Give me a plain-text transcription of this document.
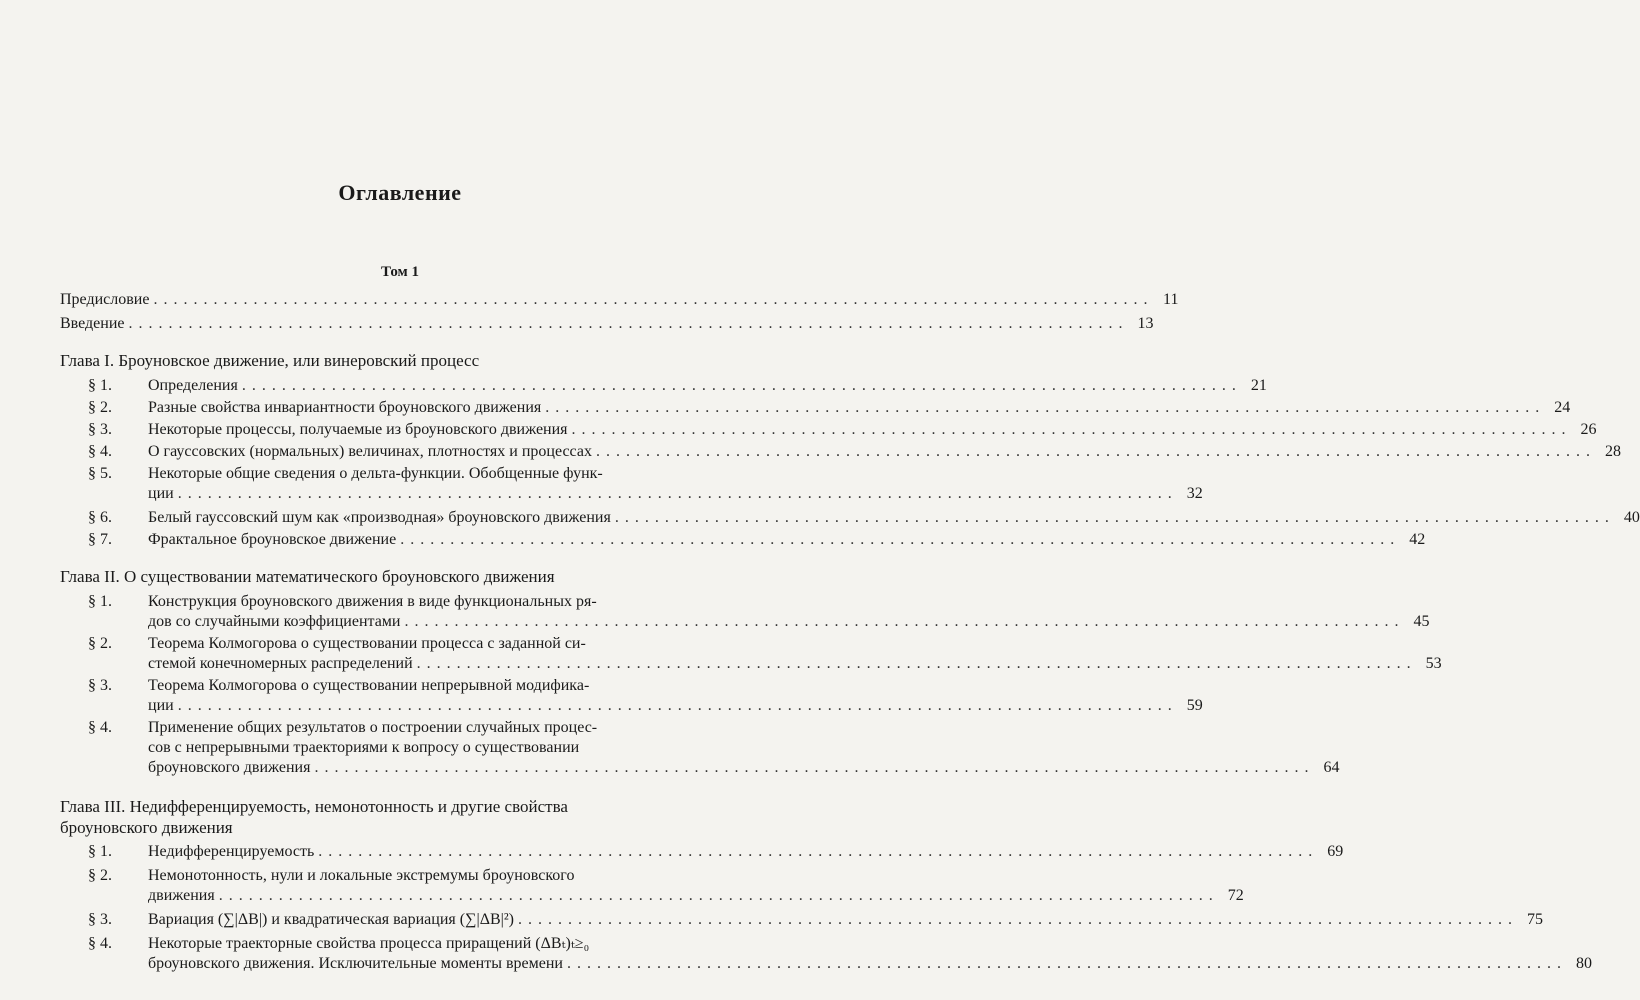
Оглавление
Том 1
Предисловие . . .	11
Введение . . .	13
Глава I. Броуновское движение, или винеровский процесс
§ 1.	Определения . . .	21
§ 2.	Разные свойства инвариантности броуновского движения . . .	24
§ 3.	Некоторые процессы, получаемые из броуновского движения . . .	26
§ 4.	О гауссовских (нормальных) величинах, плотностях и процессах . . .	28
§ 5.	Некоторые общие сведения о дельта-функции. Обобщенные функ-
ции . . .	32
§ 6.	Белый гауссовский шум как «производная» броуновского движения . . .	40
§ 7.	Фрактальное броуновское движение . . .	42
Глава II. О существовании математического броуновского движения
§ 1.	Конструкция броуновского движения в виде функциональных ря-
дов со случайными коэффициентами . . .	45
§ 2.	Теорема Колмогорова о существовании процесса с заданной си-
стемой конечномерных распределений . . .	53
§ 3.	Теорема Колмогорова о существовании непрерывной модифика-
ции . . .	59
§ 4.	Применение общих результатов о построении случайных процес-
сов с непрерывными траекториями к вопросу о существовании
броуновского движения . . .	64
Глава III. Недифференцируемость, немонотонность и другие свойства
броуновского движения
§ 1.	Недифференцируемость . . .	69
§ 2.	Немонотонность, нули и локальные экстремумы броуновского
движения . . .	72
§ 3.	Вариация (∑|ΔB|) и квадратическая вариация (∑|ΔB|²) . . .	75
§ 4.	Некоторые траекторные свойства процесса приращений (ΔBₜ)ₜ≥₀
броуновского движения. Исключительные моменты времени . . .	80
